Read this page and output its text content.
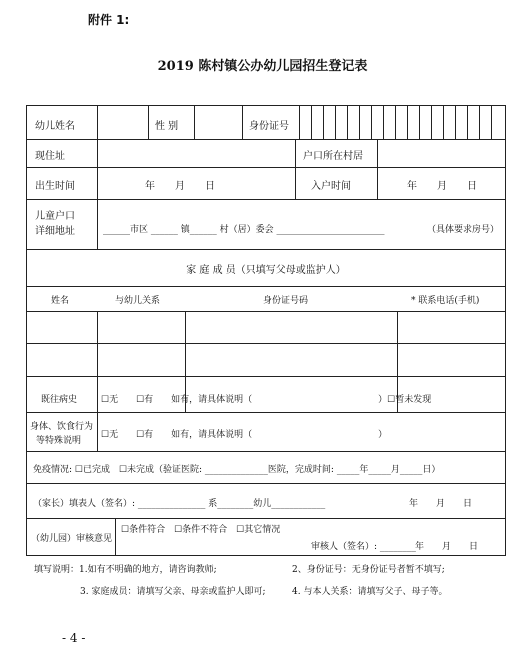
附件 1:
2019 陈村镇公办幼儿园招生登记表
幼儿姓名	性 别	身份证号
现住址	户口所在村居
出生时间	年　　月　　日	入户时间	年　　月　　日
儿童户口
详细地址	______市区 ______ 镇______ 村（居）委会 ________________________	（具体要求房号）
家 庭 成 员（只填写父母或监护人）
姓名	与幼儿关系	身份证号码	* 联系电话(手机)
既往病史	☐无　　☐有　　如有，请具体说明（　　　　　　　　　　　　　　）☐暂未发现
身体、饮食行为
等特殊说明
☐无　　☐有　　如有，请具体说明（　　　　　　　　　　　　　　）
免疫情况: ☐已完成　☐未完成（验证医院: ______________医院，完成时间: _____年_____月_____日）
（家长）填表人（签名）: _______________ 系________幼儿____________	年　　月　　日
（幼儿园）审核意见
☐条件符合　☐条件不符合　☐其它情况
审核人（签名）: ________ 年　　月　　日
填写说明：1.如有不明确的地方，请咨询教师;	2、身份证号：无身份证号者暂不填写;
3. 家庭成员：请填写父亲、母亲或监护人即可;	4. 与本人关系：请填写父子、母子等。
- 4 -
